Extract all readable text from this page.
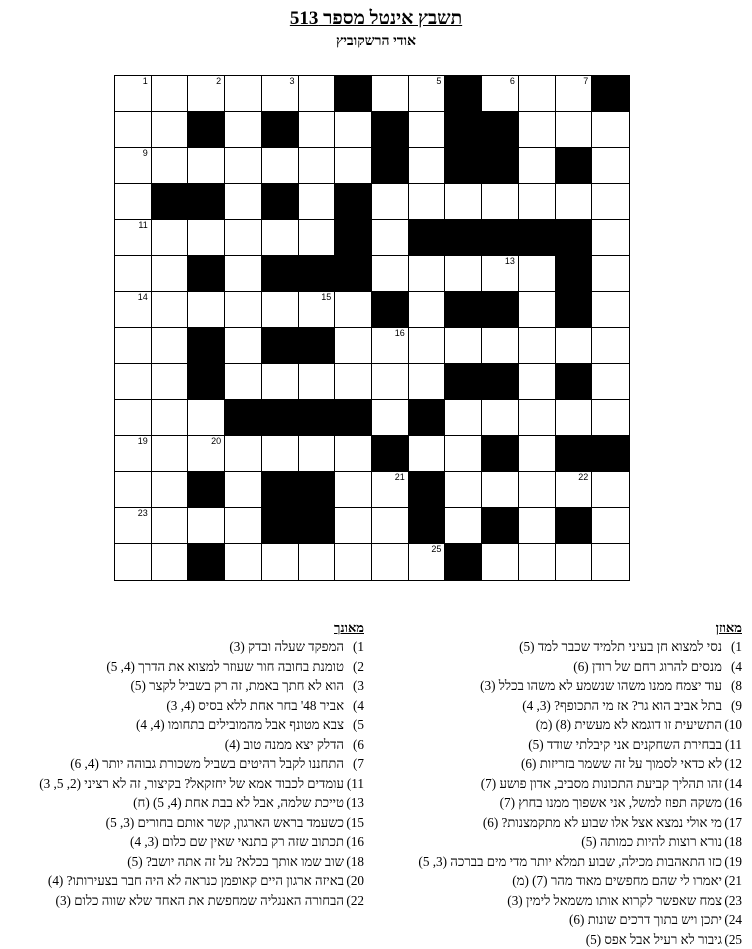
תשבץ אינטל מספר 513
אודי הרשקוביץ
1	2	3	4	5	6	7
8
9
10
11
12	13
14	15
16
17
18
19	20
21	22
23
24	25
מאוזן
1)נסי למצוא חן בעיני תלמיד שכבר למד (5)
4)מנסים להרוג רחם של רודן (6)
8)עוד יצמח ממנו משהו שנשמע לא משהו בכלל (3)
9)בתל אביב הוא גר? אז מי התכופף? (3, 4)
10)התשיעית זו דוגמא לא מעשית (8) (מ)
11)בבחירת השחקנים אני קיבלתי שודד (5)
12)לא כדאי לסמוך על זה ששמר בזריזות (6)
14)זהו תהליך קביעת התכונות מסביב, אדון פושע (7)
16)משקה תפוז למשל, אני אשפוך ממנו בחוץ (7)
17)מי אולי נמצא אצל אלו שבוע לא מתקמצנות? (6)
18)נורא רוצות להיות כמותה (5)
19)כזו התאהבות מכילה, שבוע תמלא יותר מדי מים בברכה (3, 5)
21)יאמרו לי שהם מחפשים מאוד מהר (7) (מ)
23)צמח שאפשר לקרוא אותו משמאל לימין (3)
24)יתכן ויש בתוך דרכים שונות (6)
25)גיבור לא רעיל אבל אפס (5)
מאונך
1)המפקד שעלה ובדק (3)
2)טומנת בחובה חור שעוזר למצוא את הדרך (4, 5)
3)הוא לא חתך באמת, זה רק בשביל לקצר (5)
4)אביר 48' בחר אחת ללא בסיס (4, 3)
5)צבא מטונף אבל מהמובילים בתחומו (4, 4)
6)הדלק יצא ממנה טוב (4)
7)התחננו לקבל רהיטים בשביל משכורת גבוהה יותר (4, 6)
11)עומדים לכבוד אמא של יחזקאל? בקיצור, זה לא רציני (2, 5, 3)
13)טייכת שלמה, אבל לא בבת אחת (4, 5) (ח)
15)כשעמד בראש הארגון, קשר אותם בחורים (3, 5)
16)תכתוב שזה רק בתנאי שאין שם כלום (3, 4)
18)שוב שמו אותך בכלא? על זה אתה יושב? (5)
20)באיזה ארגון היים קאופמן כנראה לא היה חבר בצעירותו? (4)
22)הבחורה האנגליה שמחפשת את האחד שלא שווה כלום (3)
